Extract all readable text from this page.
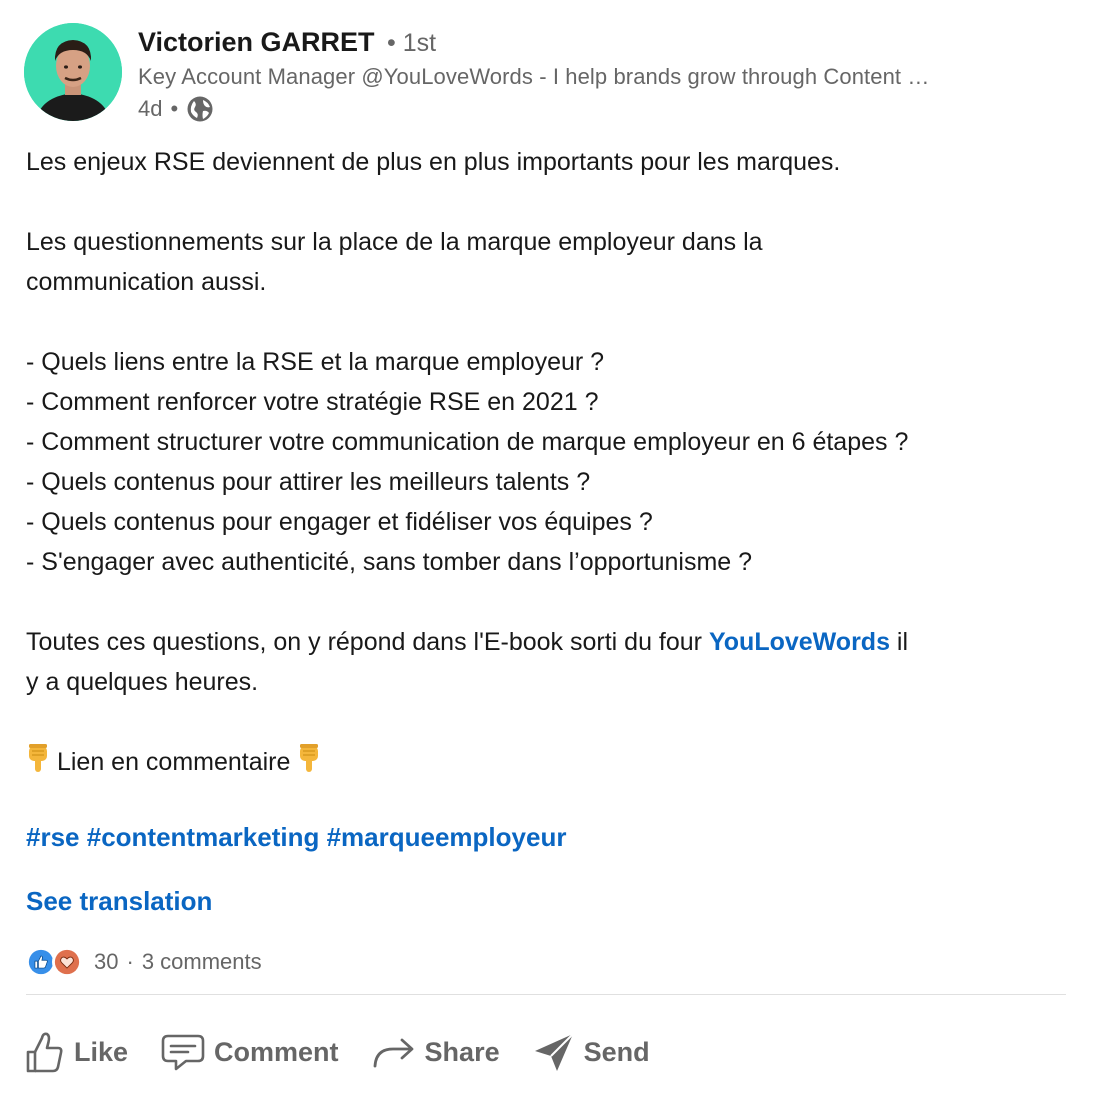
Victorien GARRET • 1st
Key Account Manager @YouLoveWords - I help brands grow through Content …
4d •

Les enjeux RSE deviennent de plus en plus importants pour les marques.

Les questionnements sur la place de la marque employeur dans la

communication aussi.

- Quels liens entre la RSE et la marque employeur ?

- Comment renforcer votre stratégie RSE en 2021 ?

- Comment structurer votre communication de marque employeur en 6 étapes ?

- Quels contenus pour attirer les meilleurs talents ?

- Quels contenus pour engager et fidéliser vos équipes ?

- S'engager avec authenticité, sans tomber dans l’opportunisme ?

Toutes ces questions, on y répond dans l'E-book sorti du four YouLoveWords il

y a quelques heures.

Lien en commentaire

#rse #contentmarketing #marqueemployeur
See translation
30 · 3 comments
Like	Comment	Share	Send
